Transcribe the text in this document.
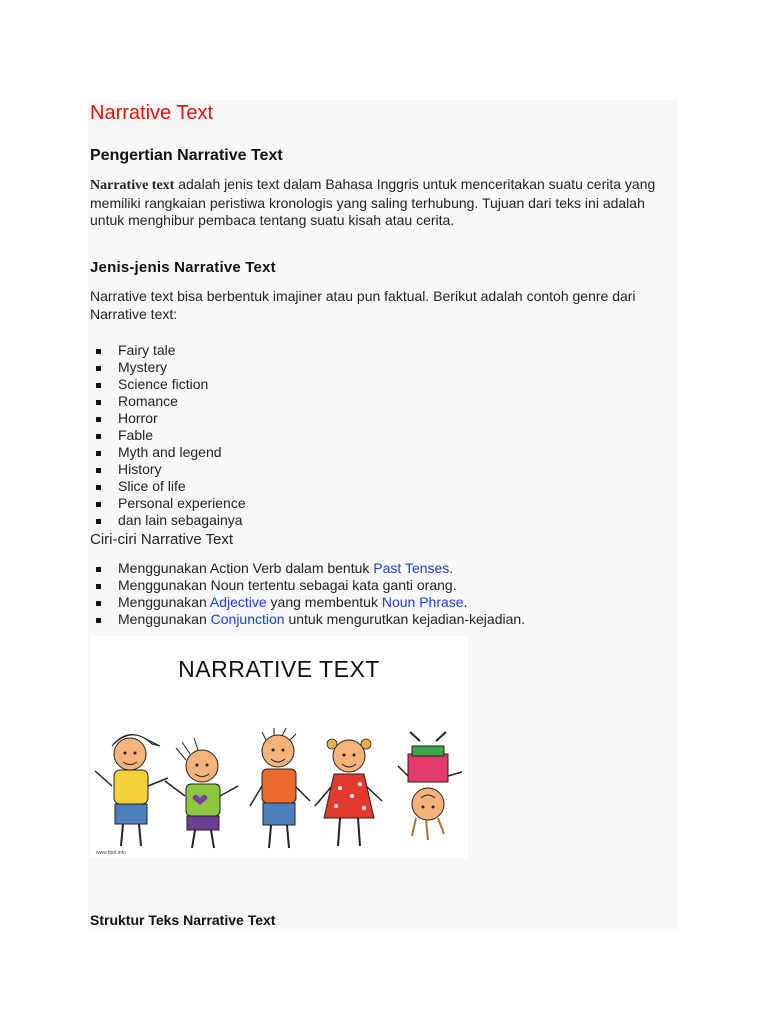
Narrative Text
Pengertian Narrative Text

Narrative text adalah jenis text dalam Bahasa Inggris untuk menceritakan suatu cerita yang
memiliki rangkaian peristiwa kronologis yang saling terhubung. Tujuan dari teks ini adalah
untuk menghibur pembaca tentang suatu kisah atau cerita.

Jenis-jenis Narrative Text

Narrative text bisa berbentuk imajiner atau pun faktual. Berikut adalah contoh genre dari
Narrative text:

Fairy tale
Mystery
Science fiction
Romance
Horror
Fable
Myth and legend
History
Slice of life
Personal experience
dan lain sebagainya
Ciri-ciri Narrative Text
Menggunakan Action Verb dalam bentuk Past Tenses.
Menggunakan Noun tertentu sebagai kata ganti orang.
Menggunakan Adjective yang membentuk Noun Phrase.
Menggunakan Conjunction untuk mengurutkan kejadian-kejadian.
NARRATIVE TEXT
www.fpot.info
Struktur Teks Narrative Text
